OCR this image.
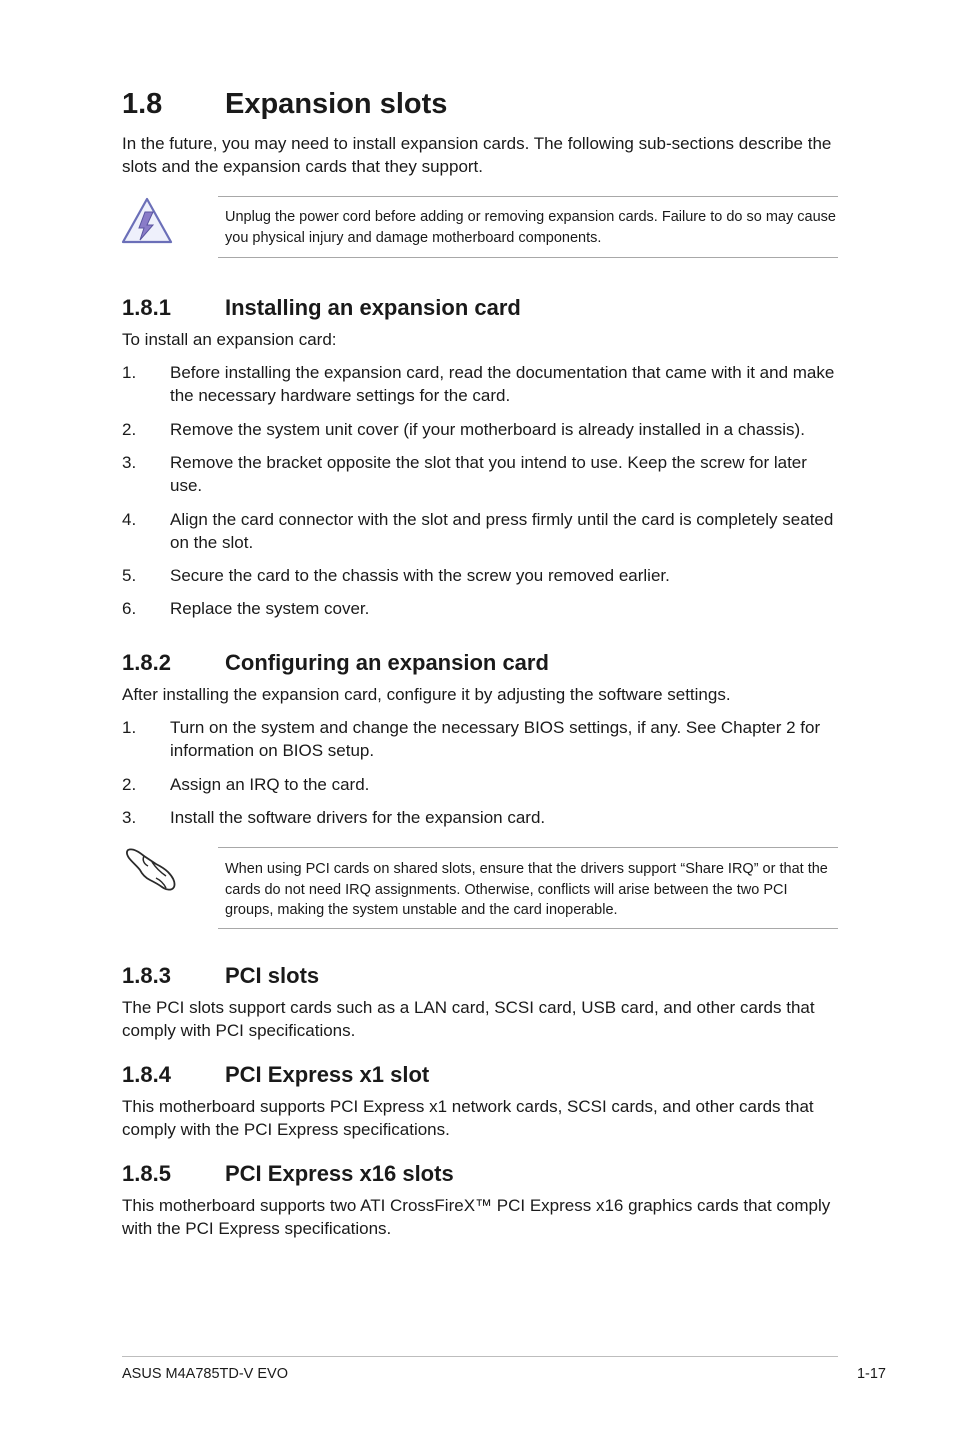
1.8 Expansion slots

In the future, you may need to install expansion cards. The following sub-sections describe the slots and the expansion cards that they support.

Unplug the power cord before adding or removing expansion cards. Failure to do so may cause you physical injury and damage motherboard components.
1.8.1 Installing an expansion card

To install an expansion card:

1. Before installing the expansion card, read the documentation that came with it and make the necessary hardware settings for the card.
2. Remove the system unit cover (if your motherboard is already installed in a chassis).
3. Remove the bracket opposite the slot that you intend to use. Keep the screw for later use.
4. Align the card connector with the slot and press firmly until the card is completely seated on the slot.
5. Secure the card to the chassis with the screw you removed earlier.
6. Replace the system cover.
1.8.2 Configuring an expansion card

After installing the expansion card, configure it by adjusting the software settings.

1. Turn on the system and change the necessary BIOS settings, if any. See Chapter 2 for information on BIOS setup.
2. Assign an IRQ to the card.
3. Install the software drivers for the expansion card.
When using PCI cards on shared slots, ensure that the drivers support “Share IRQ” or that the cards do not need IRQ assignments. Otherwise, conflicts will arise between the two PCI groups, making the system unstable and the card inoperable.
1.8.3 PCI slots

The PCI slots support cards such as a LAN card, SCSI card, USB card, and other cards that comply with PCI specifications.

1.8.4 PCI Express x1 slot

This motherboard supports PCI Express x1 network cards, SCSI cards, and other cards that comply with the PCI Express specifications.

1.8.5 PCI Express x16 slots

This motherboard supports two ATI CrossFireX™ PCI Express x16 graphics cards that comply with the PCI Express specifications.

ASUS M4A785TD-V EVO	1-17
